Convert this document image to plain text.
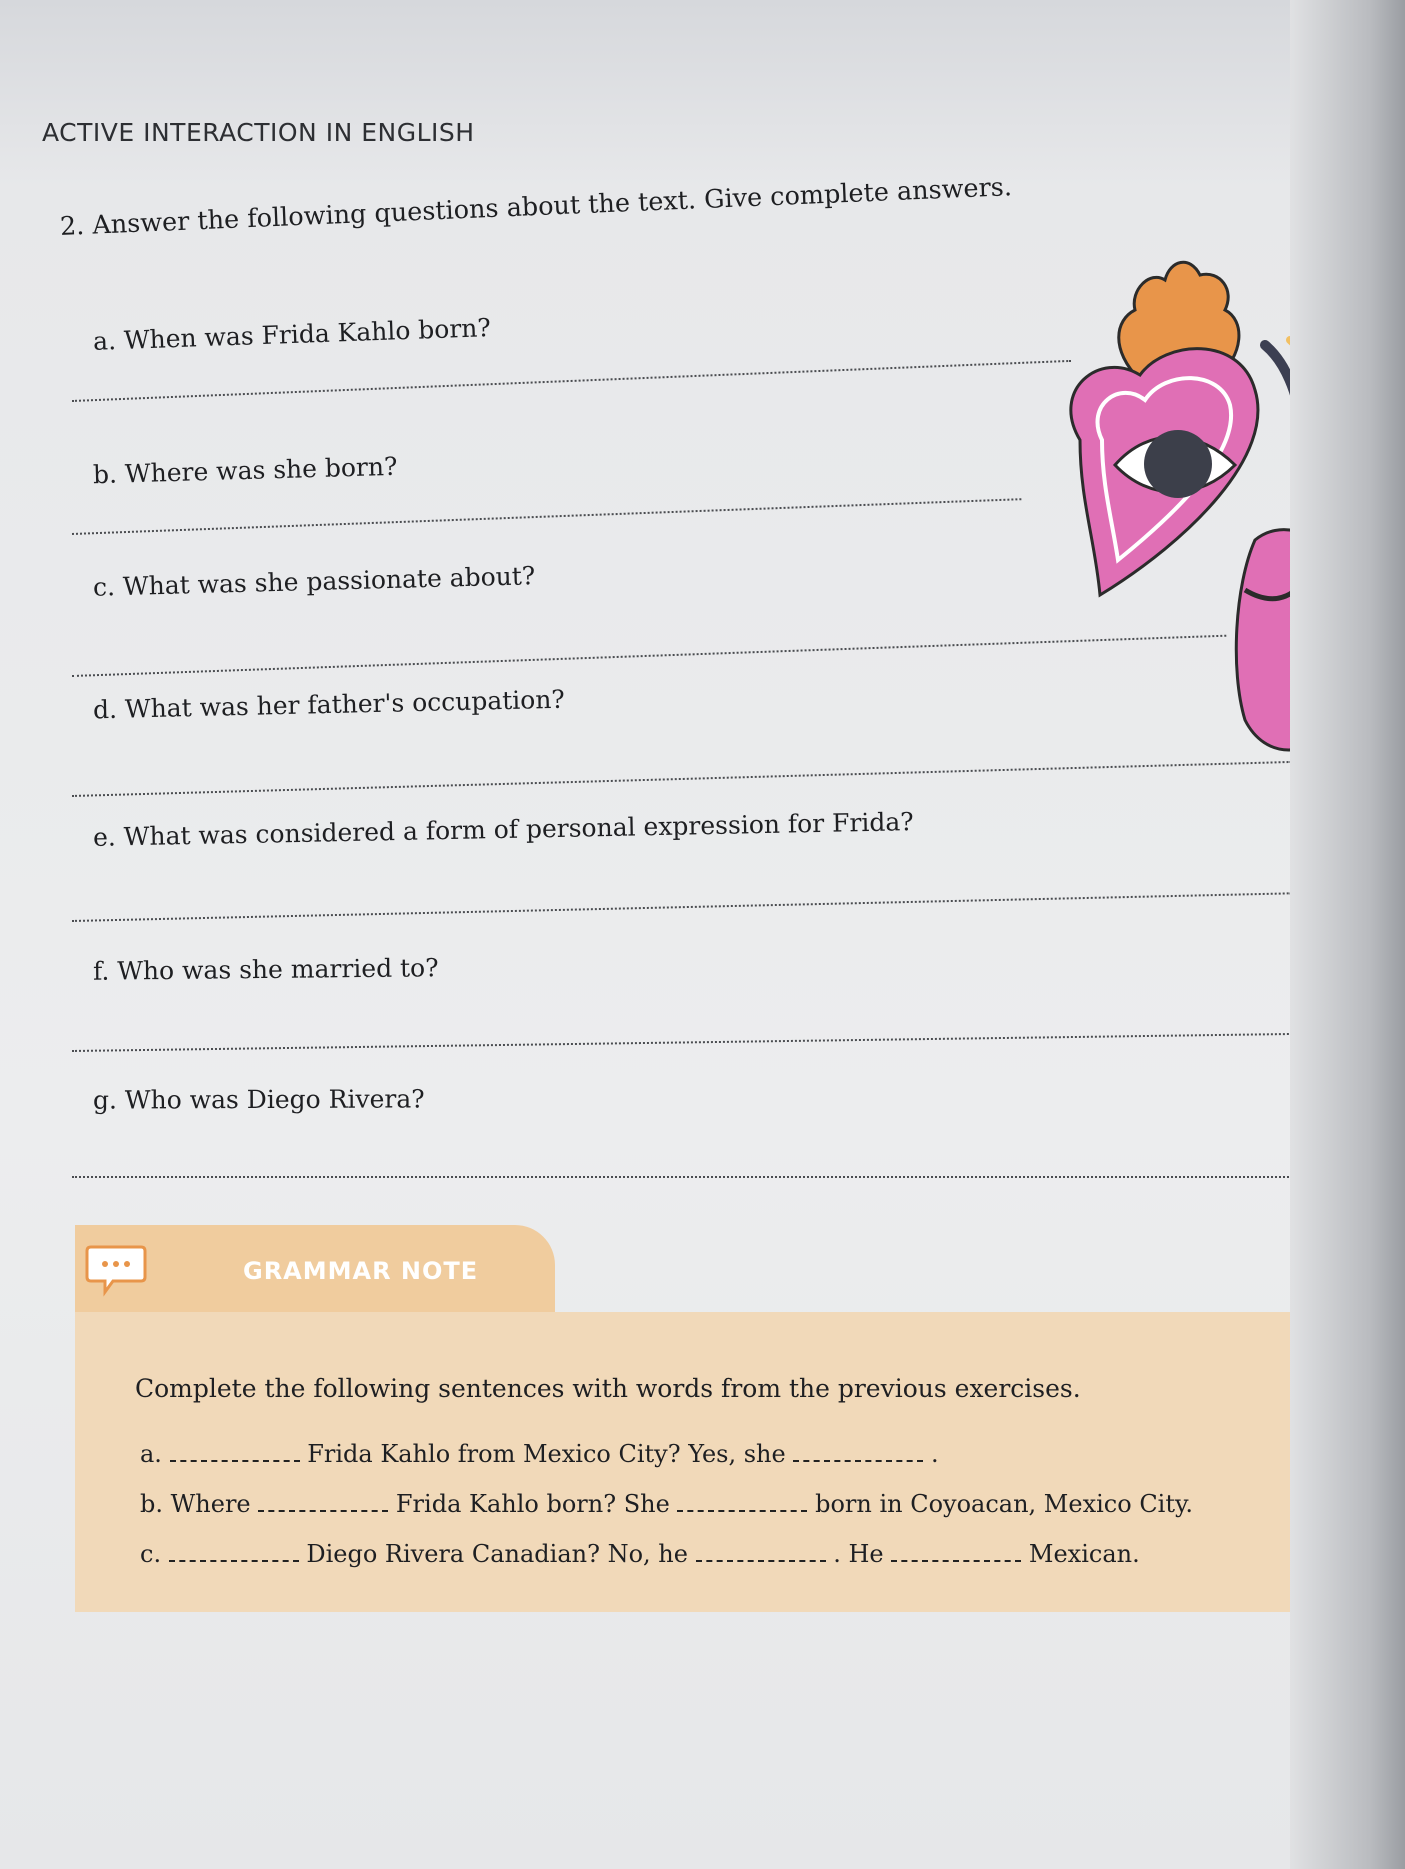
ACTIVE INTERACTION IN ENGLISH
2. Answer the following questions about the text. Give complete answers.
a. When was Frida Kahlo born?
b. Where was she born?
c. What was she passionate about?
d. What was her father's occupation?
e. What was considered a form of personal expression for Frida?
f. Who was she married to?
g. Who was Diego Rivera?
GRAMMAR NOTE
Complete the following sentences with words from the previous exercises.
a.	Frida Kahlo from Mexico City? Yes, she	.
b. Where	Frida Kahlo born? She	born in Coyoacan, Mexico City.
c.	Diego Rivera Canadian? No, he	. He	Mexican.
